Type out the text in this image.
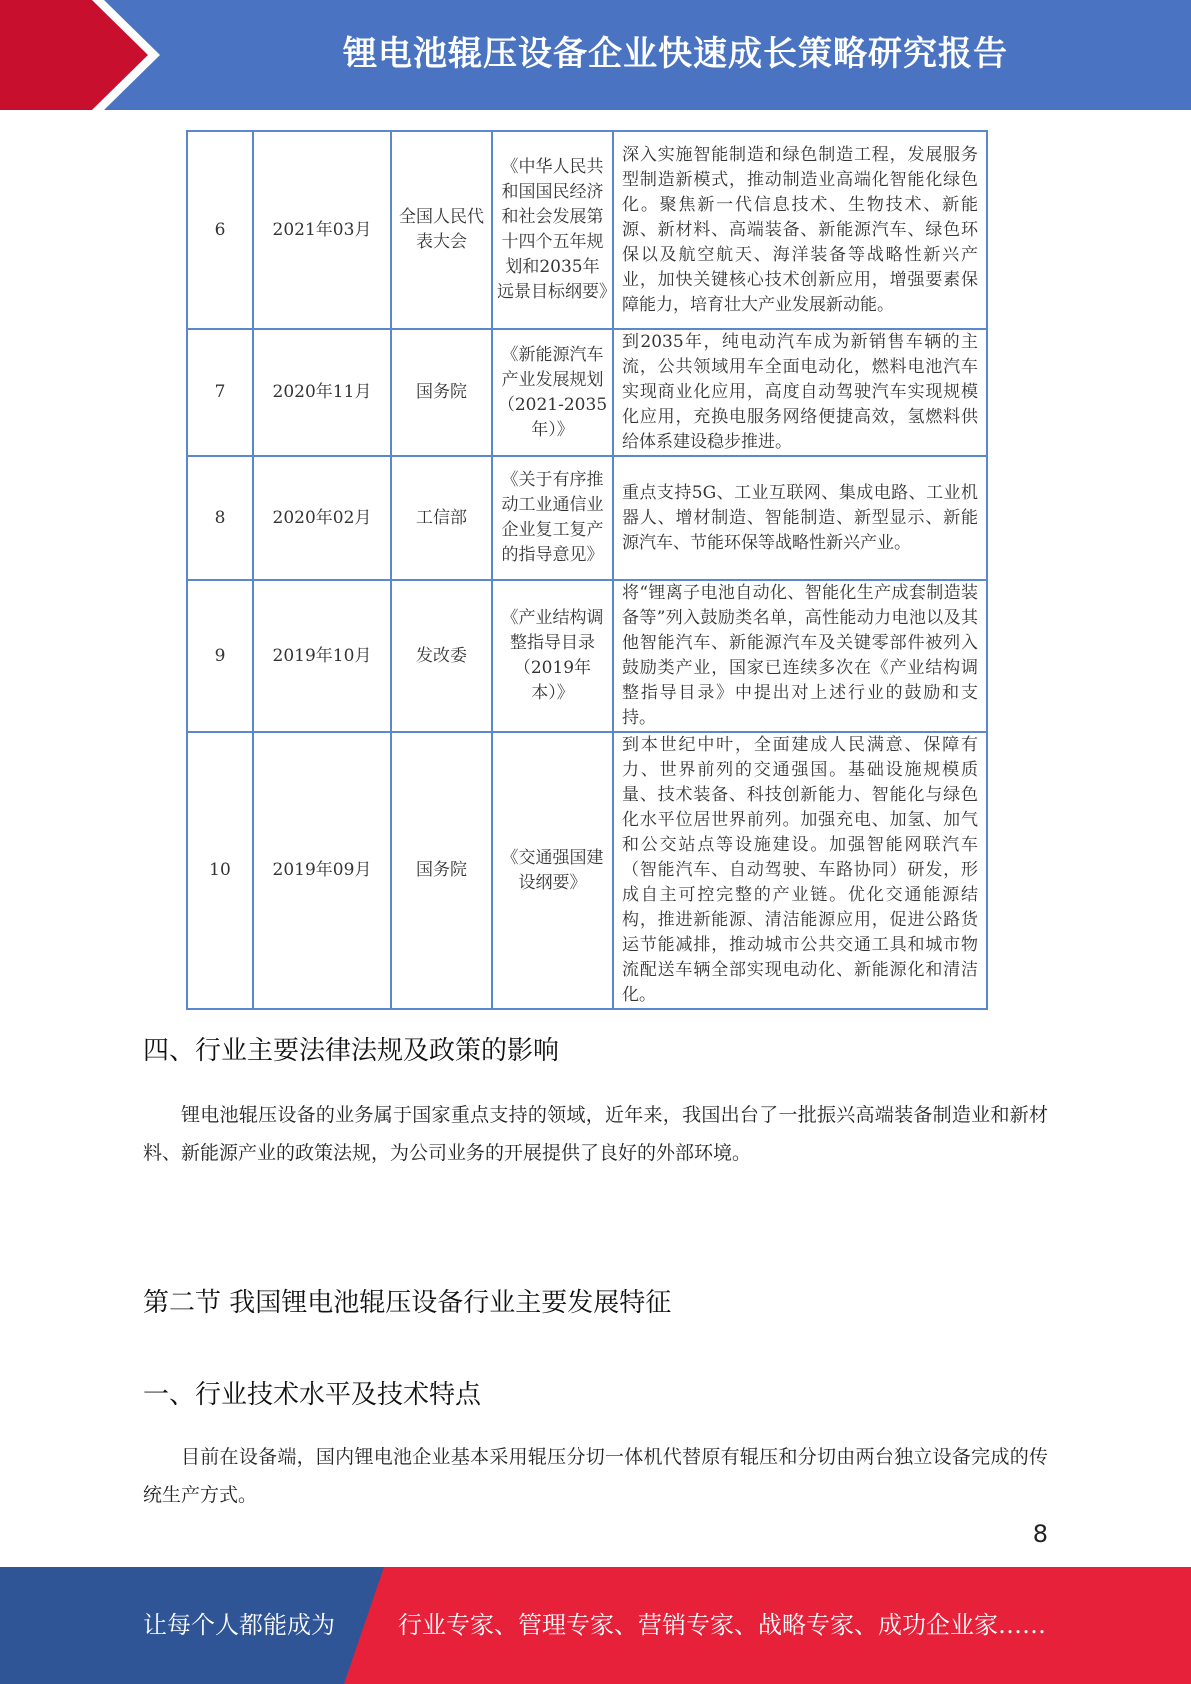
锂电池辊压设备企业快速成长策略研究报告
6	2021年03月	全国人民代表大会	《中华人民共和国国民经济和社会发展第十四个五年规划和2035年远景目标纲要》	深入实施智能制造和绿色制造工程，发展服务型制造新模式，推动制造业高端化智能化绿色化。聚焦新一代信息技术、生物技术、新能源、新材料、高端装备、新能源汽车、绿色环保以及航空航天、海洋装备等战略性新兴产业，加快关键核心技术创新应用，增强要素保障能力，培育壮大产业发展新动能。
7	2020年11月	国务院	《新能源汽车产业发展规划（2021-2035年）》	到2035年，纯电动汽车成为新销售车辆的主流，公共领域用车全面电动化，燃料电池汽车实现商业化应用，高度自动驾驶汽车实现规模化应用，充换电服务网络便捷高效，氢燃料供给体系建设稳步推进。
8	2020年02月	工信部	《关于有序推动工业通信业企业复工复产的指导意见》	重点支持5G、工业互联网、集成电路、工业机器人、增材制造、智能制造、新型显示、新能源汽车、节能环保等战略性新兴产业。
9	2019年10月	发改委	《产业结构调整指导目录（2019年本）》	将“锂离子电池自动化、智能化生产成套制造装备等”列入鼓励类名单，高性能动力电池以及其他智能汽车、新能源汽车及关键零部件被列入鼓励类产业，国家已连续多次在《产业结构调整指导目录》中提出对上述行业的鼓励和支持。
10	2019年09月	国务院	《交通强国建设纲要》	到本世纪中叶，全面建成人民满意、保障有力、世界前列的交通强国。基础设施规模质量、技术装备、科技创新能力、智能化与绿色化水平位居世界前列。加强充电、加氢、加气和公交站点等设施建设。加强智能网联汽车（智能汽车、自动驾驶、车路协同）研发，形成自主可控完整的产业链。优化交通能源结构，推进新能源、清洁能源应用，促进公路货运节能减排，推动城市公共交通工具和城市物流配送车辆全部实现电动化、新能源化和清洁化。
四、行业主要法律法规及政策的影响

锂电池辊压设备的业务属于国家重点支持的领域，近年来，我国出台了一批振兴高端装备制造业和新材料、新能源产业的政策法规，为公司业务的开展提供了良好的外部环境。

第二节 我国锂电池辊压设备行业主要发展特征
一、行业技术水平及技术特点

目前在设备端，国内锂电池企业基本采用辊压分切一体机代替原有辊压和分切由两台独立设备完成的传统生产方式。

8
让每个人都能成为	行业专家、管理专家、营销专家、战略专家、成功企业家……
